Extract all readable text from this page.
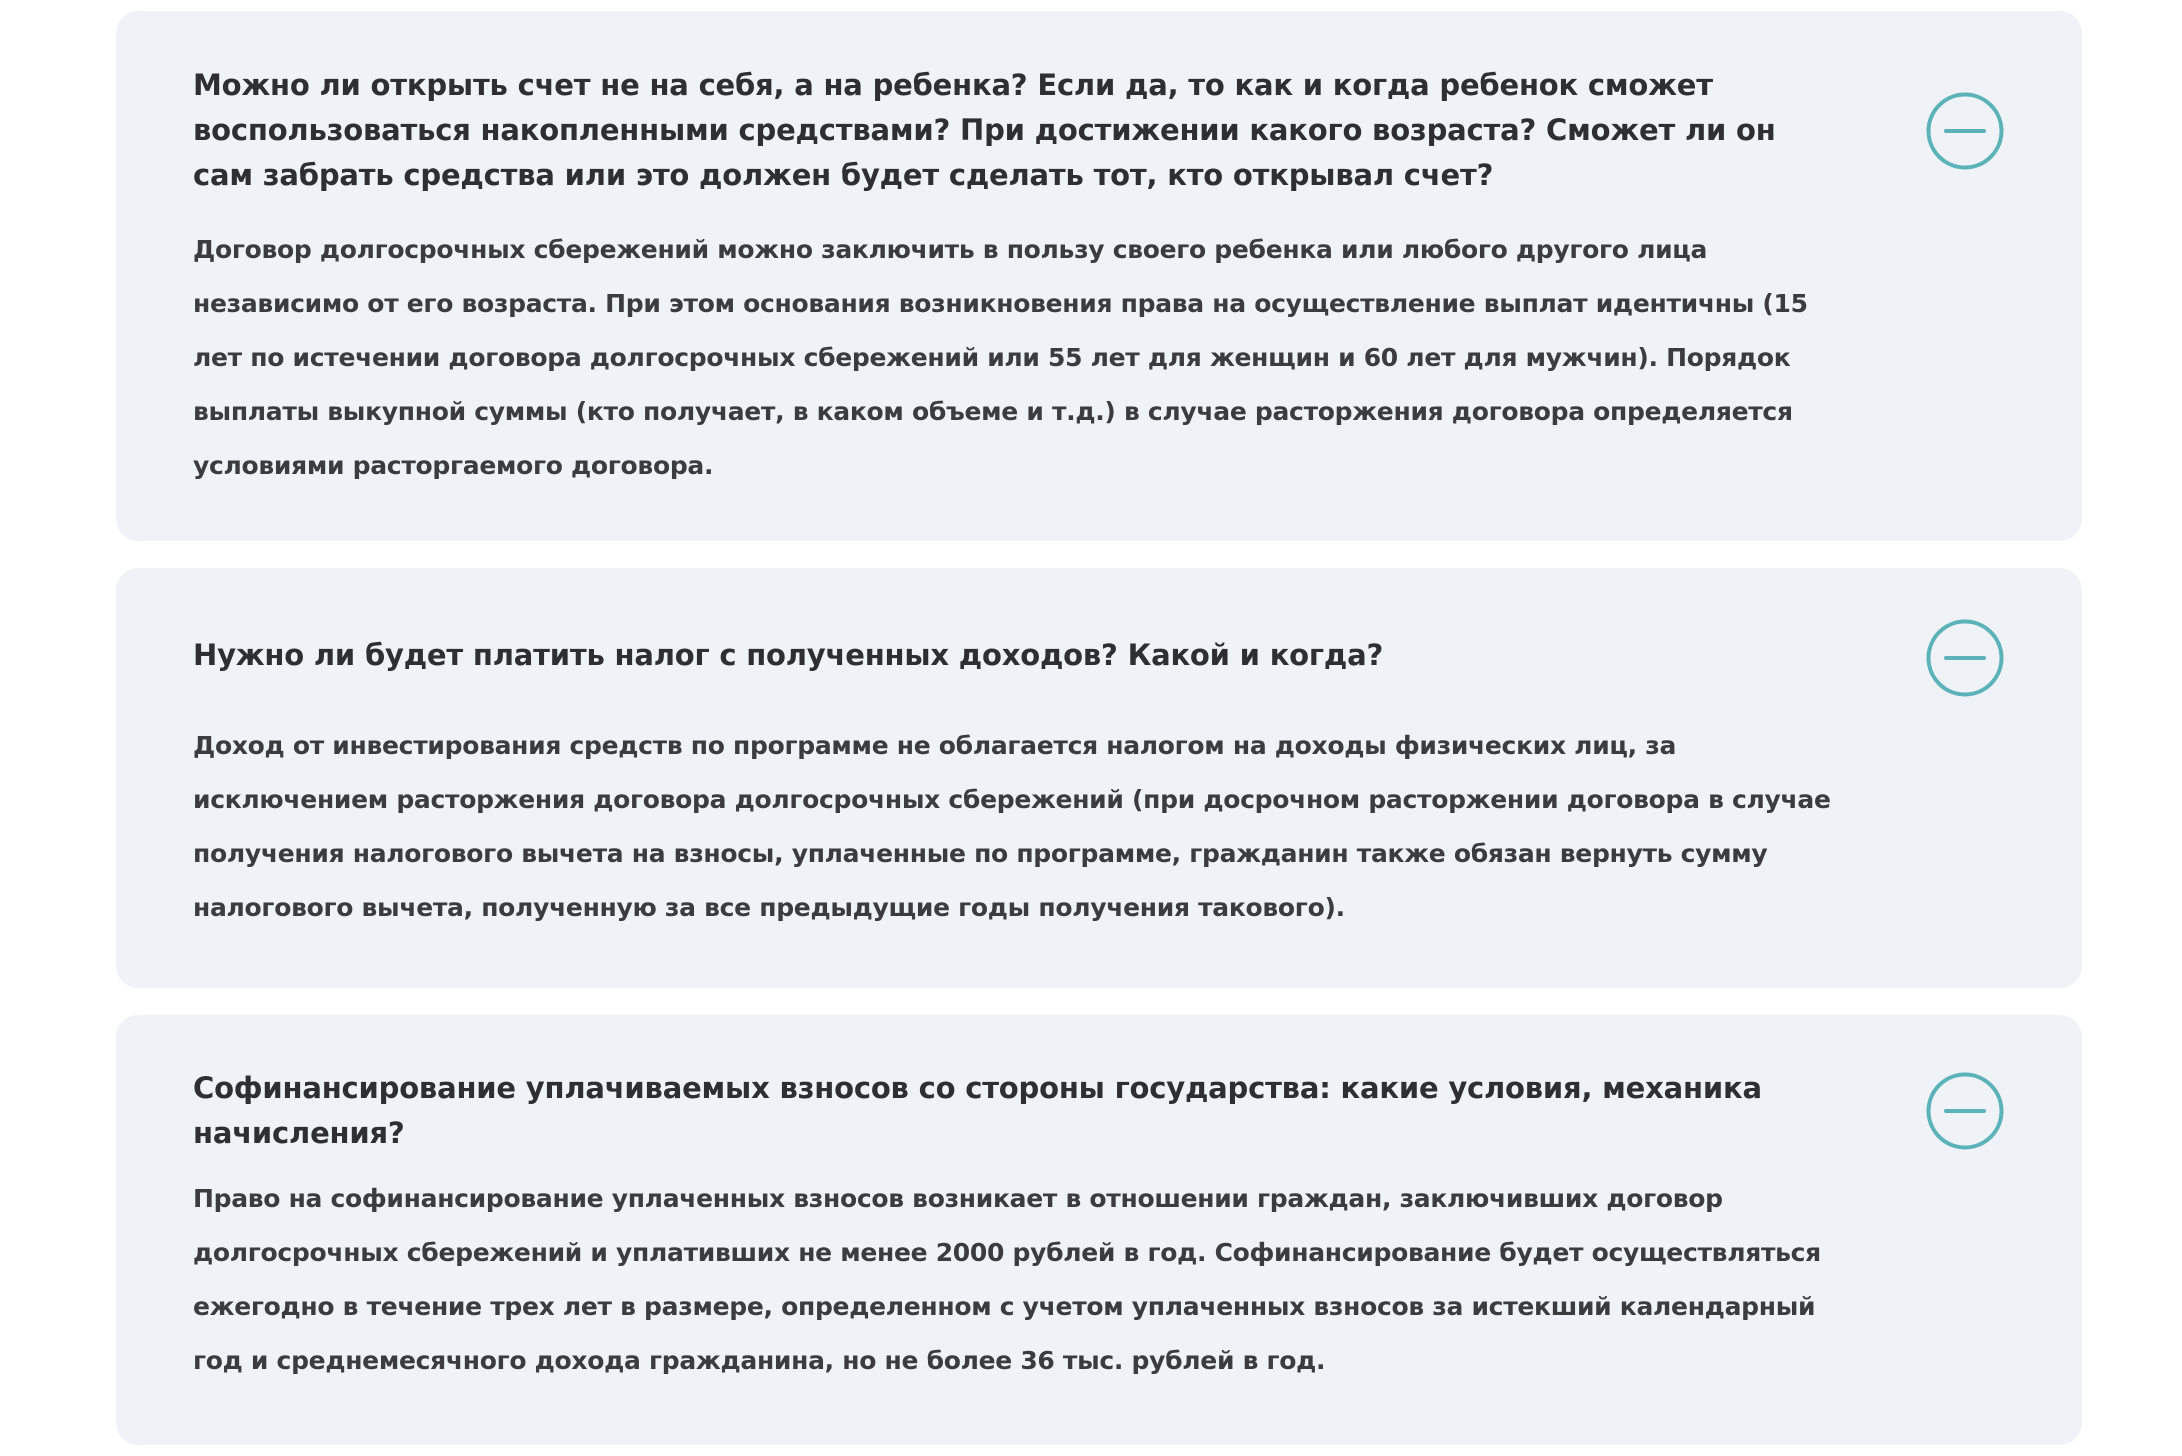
Можно ли открыть счет не на себя, а на ребенка? Если да, то как и когда ребенок сможет воспользоваться накопленными средствами? При достижении какого возраста? Сможет ли он сам забрать средства или это должен будет сделать тот, кто открывал счет?

Договор долгосрочных сбережений можно заключить в пользу своего ребенка или любого другого лица независимо от его возраста. При этом основания возникновения права на осуществление выплат идентичны (15 лет по истечении договора долгосрочных сбережений или 55 лет для женщин и 60 лет для мужчин). Порядок выплаты выкупной суммы (кто получает, в каком объеме и т.д.) в случае расторжения договора определяется условиями расторгаемого договора.

Нужно ли будет платить налог с полученных доходов? Какой и когда?

Доход от инвестирования средств по программе не облагается налогом на доходы физических лиц, за исключением расторжения договора долгосрочных сбережений (при досрочном расторжении договора в случае получения налогового вычета на взносы, уплаченные по программе, гражданин также обязан вернуть сумму налогового вычета, полученную за все предыдущие годы получения такового).

Софинансирование уплачиваемых взносов со стороны государства: какие условия, механика начисления?

Право на софинансирование уплаченных взносов возникает в отношении граждан, заключивших договор долгосрочных сбережений и уплативших не менее 2000 рублей в год. Софинансирование будет осуществляться ежегодно в течение трех лет в размере, определенном с учетом уплаченных взносов за истекший календарный год и среднемесячного дохода гражданина, но не более 36 тыс. рублей в год.
